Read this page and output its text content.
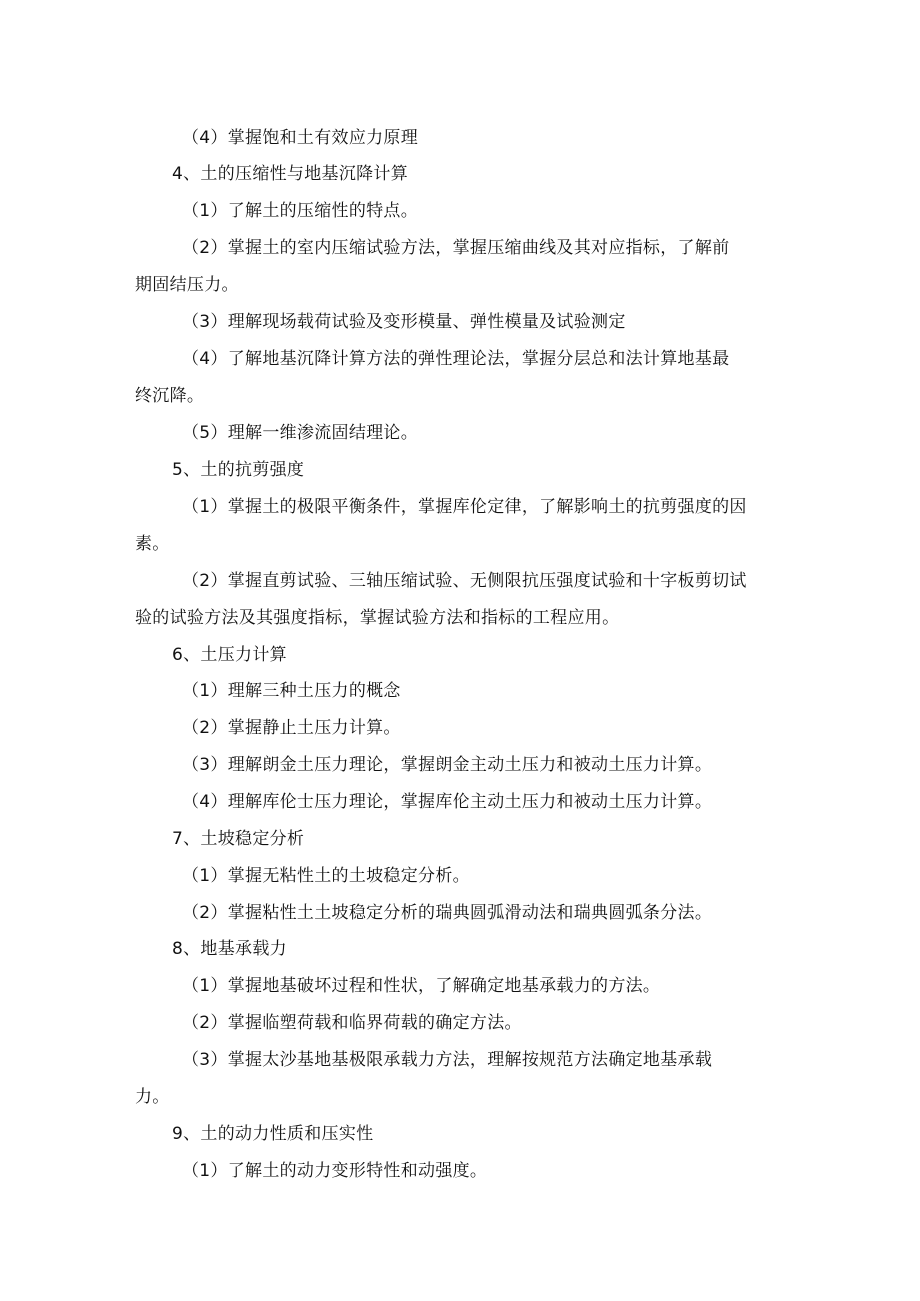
（4）掌握饱和土有效应力原理
4、土的压缩性与地基沉降计算
（1）了解土的压缩性的特点。
（2）掌握土的室内压缩试验方法，掌握压缩曲线及其对应指标，了解前
期固结压力。
（3）理解现场载荷试验及变形模量、弹性模量及试验测定
（4）了解地基沉降计算方法的弹性理论法，掌握分层总和法计算地基最
终沉降。
（5）理解一维渗流固结理论。
5、土的抗剪强度
（1）掌握土的极限平衡条件，掌握库伦定律，了解影响土的抗剪强度的因
素。
（2）掌握直剪试验、三轴压缩试验、无侧限抗压强度试验和十字板剪切试
验的试验方法及其强度指标，掌握试验方法和指标的工程应用。
6、土压力计算
（1）理解三种土压力的概念
（2）掌握静止土压力计算。
（3）理解朗金土压力理论，掌握朗金主动土压力和被动土压力计算。
（4）理解库伦士压力理论，掌握库伦主动土压力和被动土压力计算。
7、土坡稳定分析
（1）掌握无粘性土的土坡稳定分析。
（2）掌握粘性土土坡稳定分析的瑞典圆弧滑动法和瑞典圆弧条分法。
8、地基承载力
（1）掌握地基破坏过程和性状，了解确定地基承载力的方法。
（2）掌握临塑荷载和临界荷载的确定方法。
（3）掌握太沙基地基极限承载力方法，理解按规范方法确定地基承载
力。
9、土的动力性质和压实性
（1）了解土的动力变形特性和动强度。
